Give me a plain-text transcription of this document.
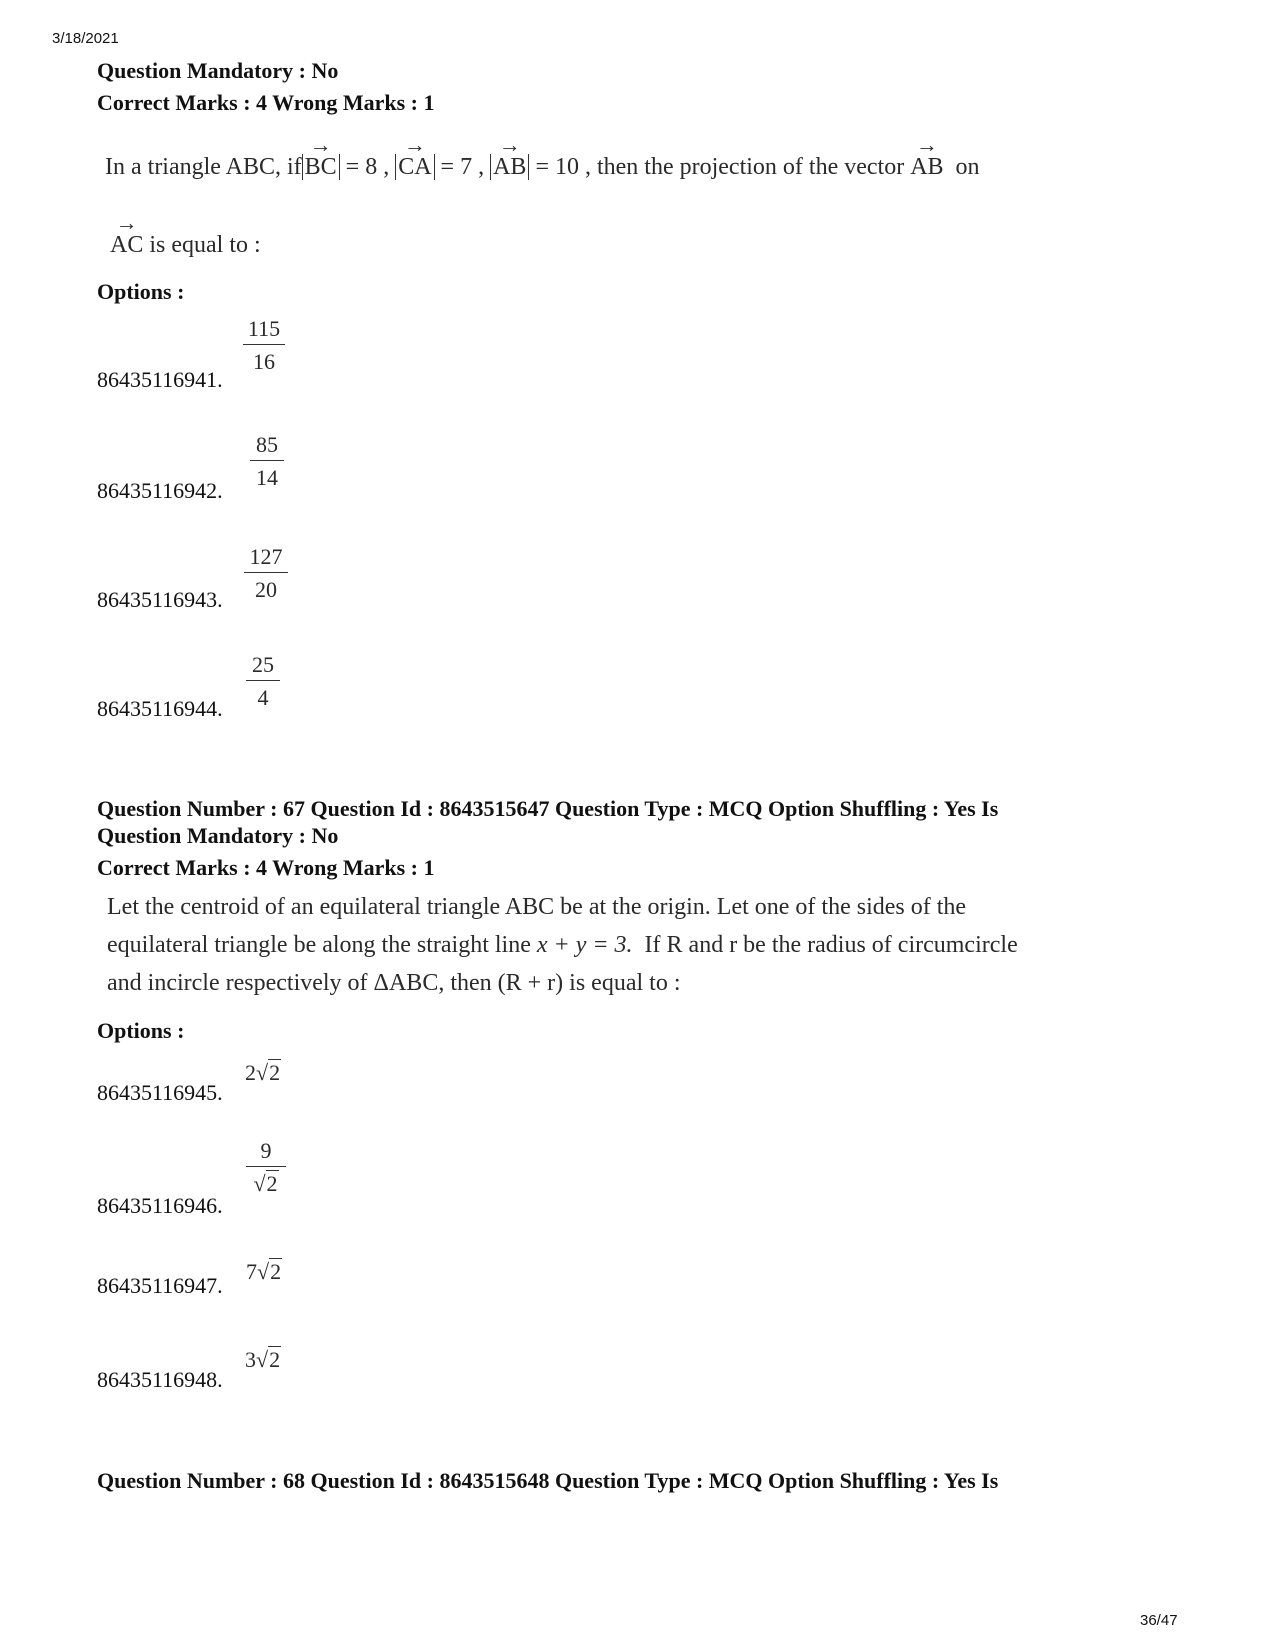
3/18/2021
36/47
Question Mandatory : No
Correct Marks : 4 Wrong Marks : 1
In a triangle ABC, if
→
BC = 8 ,
→
CA = 7 ,
→
AB = 10 , then the projection of the vector
→
AB on
→
AC is equal to :
Options :
86435116941.
$\frac{115}{16}$
86435116942. $\frac{85}{14}$
86435116943. $\frac{127}{20}$
86435116944. $\frac{25}{4}$
Question Number : 67 Question Id : 8643515647 Question Type : MCQ Option Shuffling : Yes Is
Question Mandatory : No
Correct Marks : 4 Wrong Marks : 1
Let the centroid of an equilateral triangle ABC be at the origin. Let one of the sides of the
equilateral triangle be along the straight line x + y = 3. If R and r be the radius of circumcircle
and incircle respectively of ΔABC, then (R + r) is equal to :
Options :
86435116945.
2√2
86435116946.
$\frac{9}{√2}$
86435116947.
7√2
86435116948.
3√2
Question Number : 68 Question Id : 8643515648 Question Type : MCQ Option Shuffling : Yes Is
